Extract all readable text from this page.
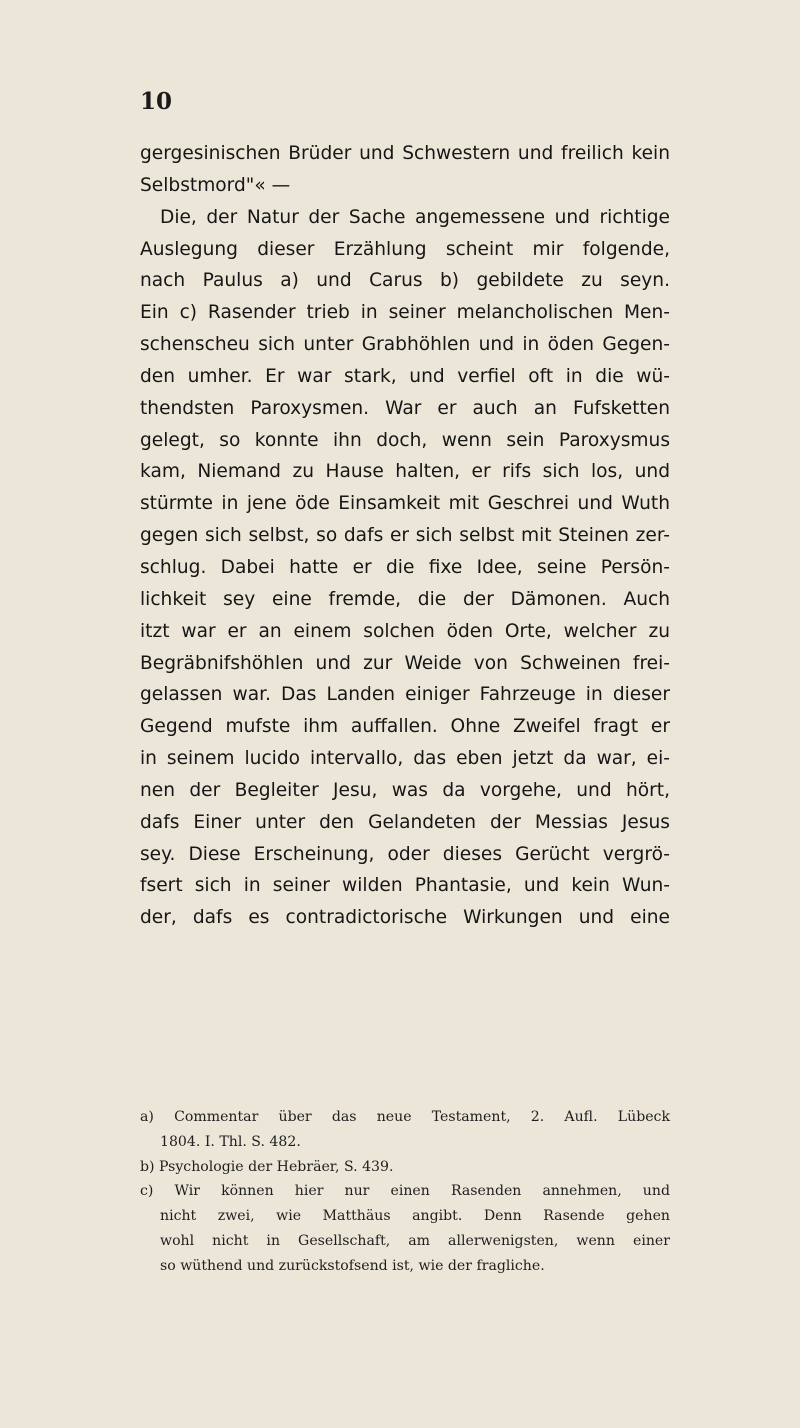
10
gergesinischen Brüder und Schwestern und freilich kein
Selbstmord"« —
Die, der Natur der Sache angemessene und richtige
Auslegung dieser Erzählung scheint mir folgende,
nach Paulus a) und Carus b) gebildete zu seyn.
Ein c) Rasender trieb in seiner melancholischen Men-
schenscheu sich unter Grabhöhlen und in öden Gegen-
den umher. Er war stark, und verfiel oft in die wü-
thendsten Paroxysmen. War er auch an Fufsketten
gelegt, so konnte ihn doch, wenn sein Paroxysmus
kam, Niemand zu Hause halten, er rifs sich los, und
stürmte in jene öde Einsamkeit mit Geschrei und Wuth
gegen sich selbst, so dafs er sich selbst mit Steinen zer-
schlug. Dabei hatte er die fixe Idee, seine Persön-
lichkeit sey eine fremde, die der Dämonen. Auch
itzt war er an einem solchen öden Orte, welcher zu
Begräbnifshöhlen und zur Weide von Schweinen frei-
gelassen war. Das Landen einiger Fahrzeuge in dieser
Gegend mufste ihm auffallen. Ohne Zweifel fragt er
in seinem lucido intervallo, das eben jetzt da war, ei-
nen der Begleiter Jesu, was da vorgehe, und hört,
dafs Einer unter den Gelandeten der Messias Jesus
sey. Diese Erscheinung, oder dieses Gerücht vergrö-
fsert sich in seiner wilden Phantasie, und kein Wun-
der, dafs es contradictorische Wirkungen und eine
a) Commentar über das neue Testament, 2. Aufl. Lübeck
1804. I. Thl. S. 482.
b) Psychologie der Hebräer, S. 439.
c) Wir können hier nur einen Rasenden annehmen, und
nicht zwei, wie Matthäus angibt. Denn Rasende gehen
wohl nicht in Gesellschaft, am allerwenigsten, wenn einer
so wüthend und zurückstofsend ist, wie der fragliche.
